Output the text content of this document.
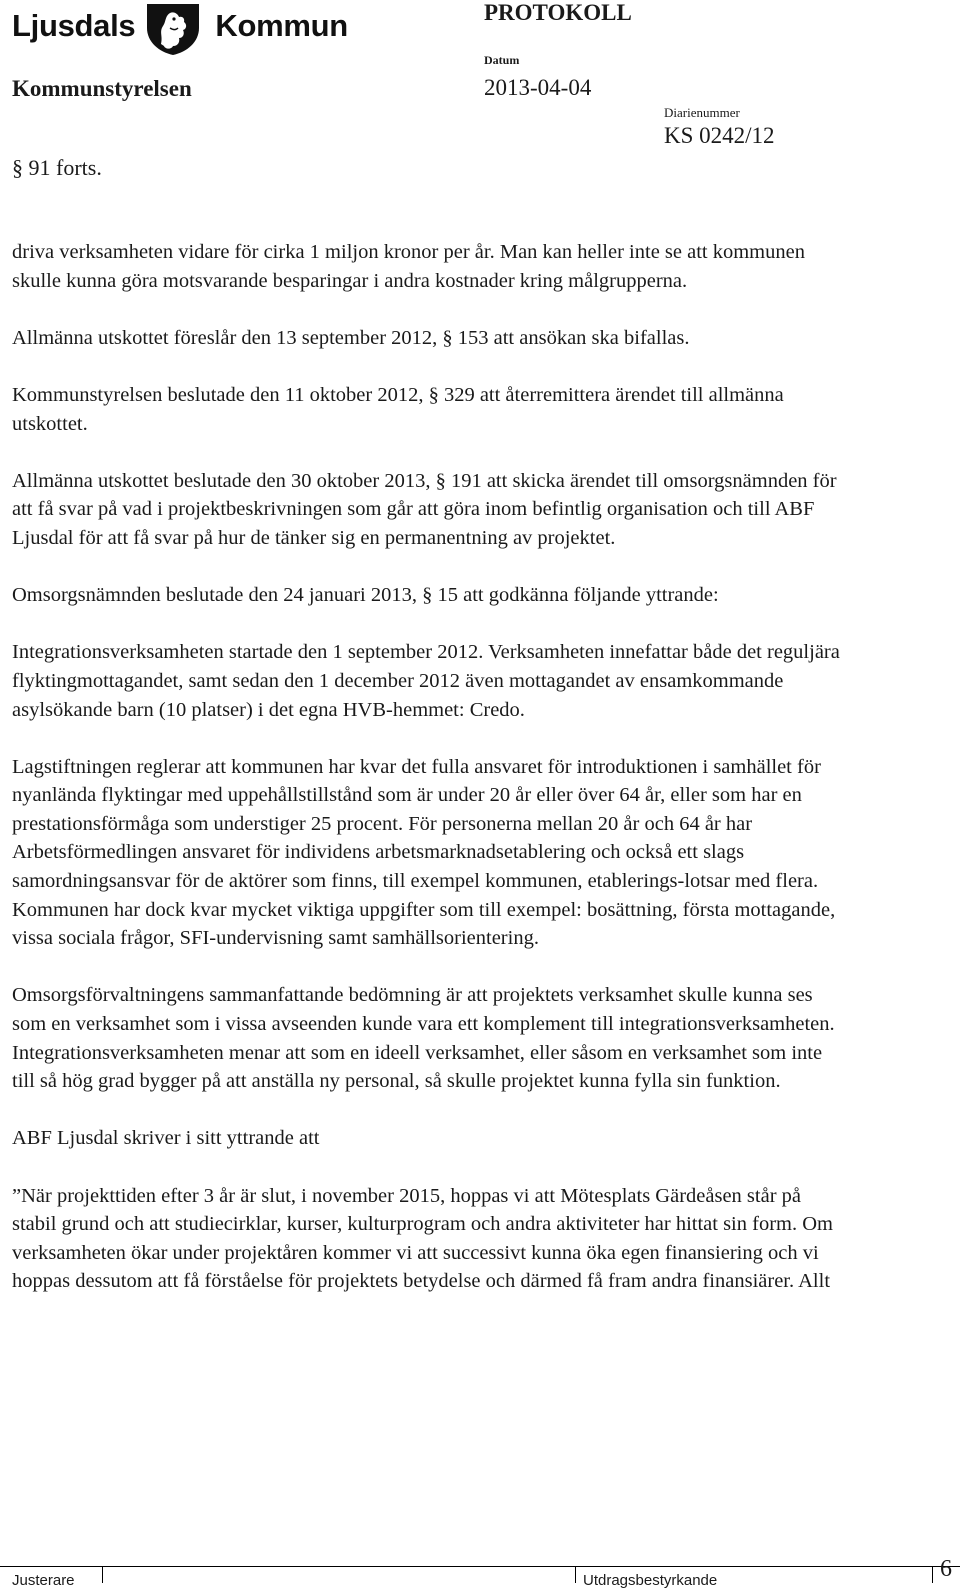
Ljusdals	Kommun	PROTOKOLL
Kommunstyrelsen
Datum
2013-04-04
Diarienummer
KS 0242/12
§ 91 forts.

driva verksamheten vidare för cirka 1 miljon kronor per år. Man kan heller inte se att kommunen skulle kunna göra motsvarande besparingar i andra kostnader kring målgrupperna.

Allmänna utskottet föreslår den 13 september 2012, § 153 att ansökan ska bifallas.

Kommunstyrelsen beslutade den 11 oktober 2012, § 329 att återremittera ärendet till allmänna utskottet.

Allmänna utskottet beslutade den 30 oktober 2013, § 191 att skicka ärendet till omsorgsnämnden för att få svar på vad i projektbeskrivningen som går att göra inom befintlig organisation och till ABF Ljusdal för att få svar på hur de tänker sig en permanentning av projektet.

Omsorgsnämnden beslutade den 24 januari 2013, § 15 att godkänna följande yttrande:

Integrationsverksamheten startade den 1 september 2012. Verksamheten innefattar både det reguljära flyktingmottagandet, samt sedan den 1 december 2012 även mottagandet av ensamkommande asylsökande barn (10 platser) i det egna HVB-hemmet: Credo.

Lagstiftningen reglerar att kommunen har kvar det fulla ansvaret för introduktionen i samhället för nyanlända flyktingar med uppehållstillstånd som är under 20 år eller över 64 år, eller som har en prestationsförmåga som understiger 25 procent. För personerna mellan 20 år och 64 år har Arbetsförmedlingen ansvaret för individens arbetsmarknadsetablering och också ett slags samordningsansvar för de aktörer som finns, till exempel kommunen, etablerings-lotsar med flera. Kommunen har dock kvar mycket viktiga uppgifter som till exempel: bosättning, första mottagande, vissa sociala frågor, SFI-undervisning samt samhällsorientering.

Omsorgsförvaltningens sammanfattande bedömning är att projektets verksamhet skulle kunna ses som en verksamhet som i vissa avseenden kunde vara ett komplement till integrationsverksamheten. Integrationsverksamheten menar att som en ideell verksamhet, eller såsom en verksamhet som inte till så hög grad bygger på att anställa ny personal, så skulle projektet kunna fylla sin funktion.

ABF Ljusdal skriver i sitt yttrande att

”När projekttiden efter 3 år är slut, i november 2015, hoppas vi att Mötesplats Gärdeåsen står på stabil grund och att studiecirklar, kurser, kulturprogram och andra aktiviteter har hittat sin form. Om verksamheten ökar under projektåren kommer vi att successivt kunna öka egen finansiering och vi hoppas dessutom att få förståelse för projektets betydelse och därmed få fram andra finansiärer. Allt

Justerare	Utdragsbestyrkande	6
